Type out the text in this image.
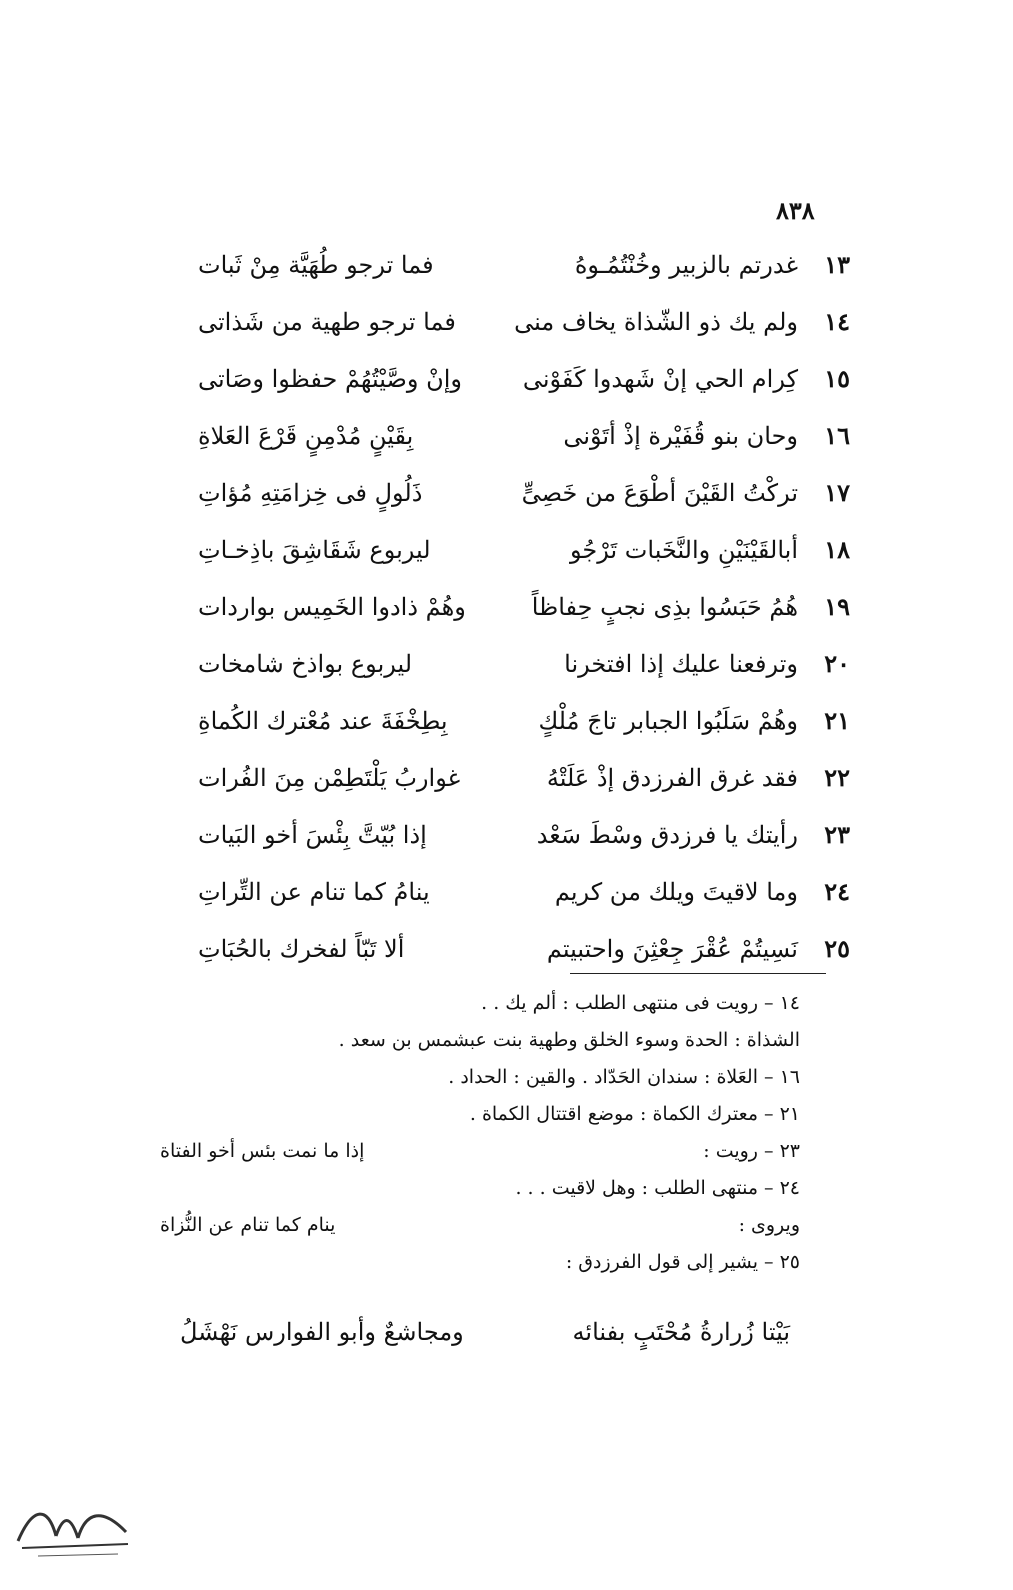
٨٣٨
١٣
غدرتم بالزبير وخُنْتُمُـوهُ
فما ترجو طُهَيَّة مِنْ ثَبات
١٤
ولم يك ذو الشّذاة يخاف منى
فما ترجو طهية من شَذاتى
١٥
كِرام الحي إنْ شَهدوا كَفَوْنى
وإنْ وصَّيْتُهُمْ حفظوا وصَاتى
١٦
وحان بنو قُفَيْرة إذْ أتَوْنى
بِقَيْنٍ مُدْمِنٍ قَرْعَ العَلاةِ
١٧
تركْتُ القَيْنَ أطْوَعَ من خَصِىٍّ
ذَلُولٍ فى خِزامَتِهِ مُؤاتِ
١٨
أبالقَيْنَيْنِ والنَّخَبات تَرْجُو
ليربوع شَقَاشِقَ باذِخـاتِ
١٩
هُمُ حَبَسُوا بذِى نجبٍ حِفاظاً
وهُمْ ذادوا الخَمِيس بواردات
٢٠
وترفعنا عليك إذا افتخرنا
ليربوع بواذخ شامخات
٢١
وهُمْ سَلَبُوا الجبابر تاجَ مُلْكٍ
بِطِخْفَةَ عند مُعْترك الكُماةِ
٢٢
فقد غرق الفرزدق إذْ عَلَتْهُ
غواربُ يَلْتَطِمْن مِنَ الفُرات
٢٣
رأيتك يا فرزدق وسْطَ سَعْد
إذا بُيّتَّ بِئْسَ أخو البَيات
٢٤
وما لاقيتَ ويلك من كريم
ينامُ كما تنام عن التِّراتِ
٢٥
نَسِيتُمْ عُقْرَ جِعْثِنَ واحتبيتم
ألا تَبّاً لفخرك بالحُبَاتِ
١٤ – رويت فى منتهى الطلب : ألم يك . .
الشذاة : الحدة وسوء الخلق وطهية بنت عبشمس بن سعد .
١٦ – العَلاة : سندان الحَدّاد . والقين : الحداد .
٢١ – معترك الكماة : موضع اقتتال الكماة .
٢٣ – رويت :
إذا ما نمت بئس أخو الفتاة
٢٤ – منتهى الطلب : وهل لاقيت . . .
ويروى :
ينام كما تنام عن النُّزاة
٢٥ – يشير إلى قول الفرزدق :
بَيْتا زُرارةُ مُحْتَبٍ بفنائه
ومجاشعٌ وأبو الفوارس نَهْشَلُ
